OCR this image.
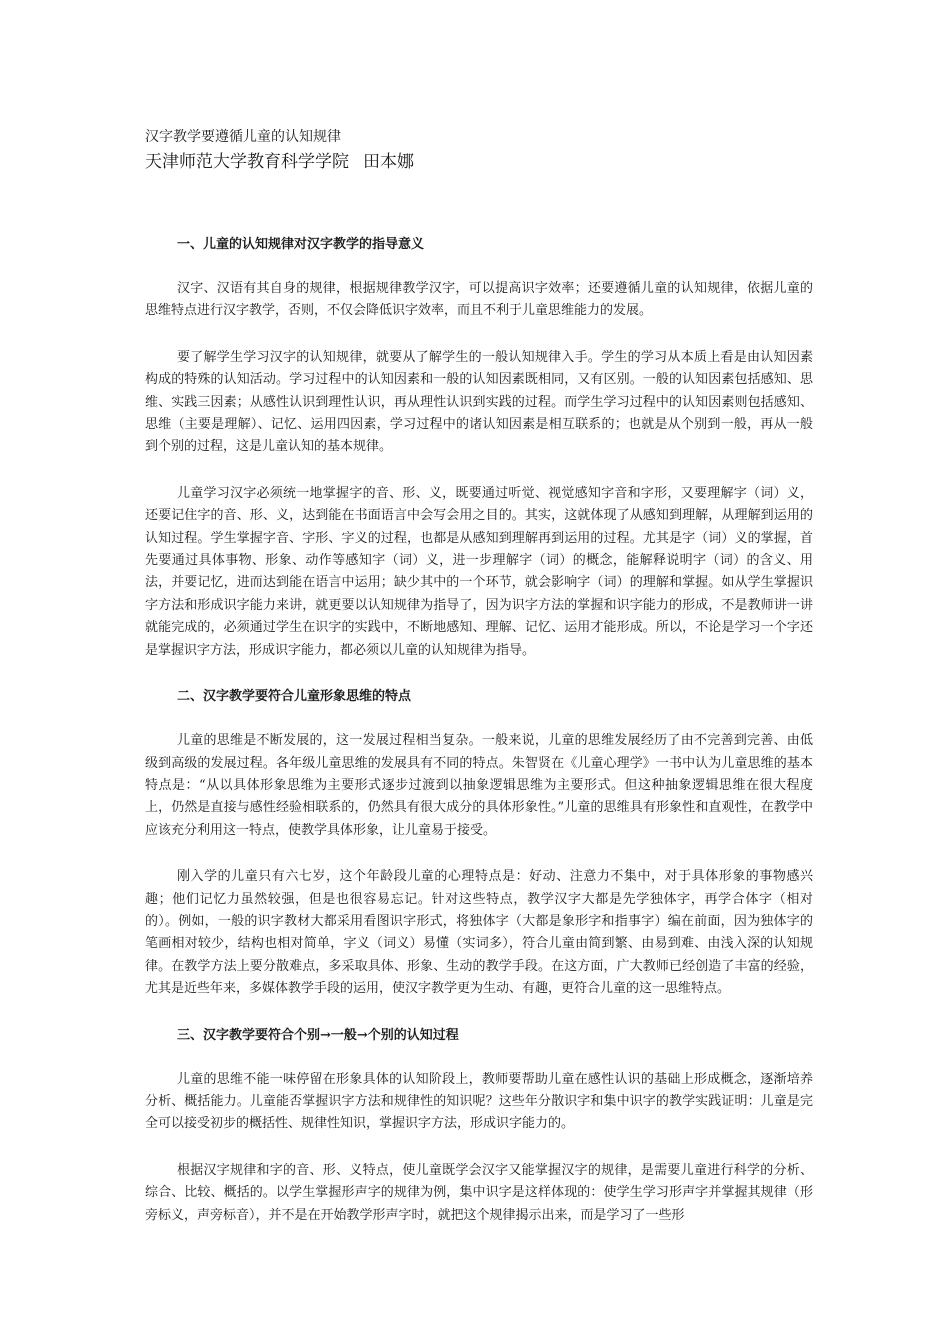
汉字教学要遵循儿童的认知规律
天津师范大学教育科学学院 田本娜

一、儿童的认知规律对汉字教学的指导意义

汉字、汉语有其自身的规律，根据规律教学汉字，可以提高识字效率；还要遵循儿童的认知规律，依据儿童的思维特点进行汉字教学，否则，不仅会降低识字效率，而且不利于儿童思维能力的发展。

要了解学生学习汉字的认知规律，就要从了解学生的一般认知规律入手。学生的学习从本质上看是由认知因素构成的特殊的认知活动。学习过程中的认知因素和一般的认知因素既相同，又有区别。一般的认知因素包括感知、思维、实践三因素；从感性认识到理性认识，再从理性认识到实践的过程。而学生学习过程中的认知因素则包括感知、思维（主要是理解）、记忆、运用四因素，学习过程中的诸认知因素是相互联系的；也就是从个别到一般，再从一般到个别的过程，这是儿童认知的基本规律。

儿童学习汉字必须统一地掌握字的音、形、义，既要通过听觉、视觉感知字音和字形，又要理解字（词）义，还要记住字的音、形、义，达到能在书面语言中会写会用之目的。其实，这就体现了从感知到理解，从理解到运用的认知过程。学生掌握字音、字形、字义的过程，也都是从感知到理解再到运用的过程。尤其是字（词）义的掌握，首先要通过具体事物、形象、动作等感知字（词）义，进一步理解字（词）的概念，能解释说明字（词）的含义、用法，并要记忆，进而达到能在语言中运用；缺少其中的一个环节，就会影响字（词）的理解和掌握。如从学生掌握识字方法和形成识字能力来讲，就更要以认知规律为指导了，因为识字方法的掌握和识字能力的形成，不是教师讲一讲就能完成的，必须通过学生在识字的实践中，不断地感知、理解、记忆、运用才能形成。所以，不论是学习一个字还是掌握识字方法，形成识字能力，都必须以儿童的认知规律为指导。

二、汉字教学要符合儿童形象思维的特点

儿童的思维是不断发展的，这一发展过程相当复杂。一般来说，儿童的思维发展经历了由不完善到完善、由低级到高级的发展过程。各年级儿童思维的发展具有不同的特点。朱智贤在《儿童心理学》一书中认为儿童思维的基本特点是：“从以具体形象思维为主要形式逐步过渡到以抽象逻辑思维为主要形式。但这种抽象逻辑思维在很大程度上，仍然是直接与感性经验相联系的，仍然具有很大成分的具体形象性。”儿童的思维具有形象性和直观性，在教学中应该充分利用这一特点，使教学具体形象，让儿童易于接受。

刚入学的儿童只有六七岁，这个年龄段儿童的心理特点是：好动、注意力不集中，对于具体形象的事物感兴趣；他们记忆力虽然较强，但是也很容易忘记。针对这些特点，教学汉字大都是先学独体字，再学合体字（相对的）。例如，一般的识字教材大都采用看图识字形式，将独体字（大都是象形字和指事字）编在前面，因为独体字的笔画相对较少，结构也相对简单，字义（词义）易懂（实词多），符合儿童由简到繁、由易到难、由浅入深的认知规律。在教学方法上要分散难点，多采取具体、形象、生动的教学手段。在这方面，广大教师已经创造了丰富的经验，尤其是近些年来，多媒体教学手段的运用，使汉字教学更为生动、有趣，更符合儿童的这一思维特点。

三、汉字教学要符合个别→一般→个别的认知过程

儿童的思维不能一味停留在形象具体的认知阶段上，教师要帮助儿童在感性认识的基础上形成概念，逐渐培养分析、概括能力。儿童能否掌握识字方法和规律性的知识呢？这些年分散识字和集中识字的教学实践证明：儿童是完全可以接受初步的概括性、规律性知识，掌握识字方法，形成识字能力的。

根据汉字规律和字的音、形、义特点，使儿童既学会汉字又能掌握汉字的规律，是需要儿童进行科学的分析、综合、比较、概括的。以学生掌握形声字的规律为例，集中识字是这样体现的：使学生学习形声字并掌握其规律（形旁标义，声旁标音），并不是在开始教学形声字时，就把这个规律揭示出来，而是学习了一些形
